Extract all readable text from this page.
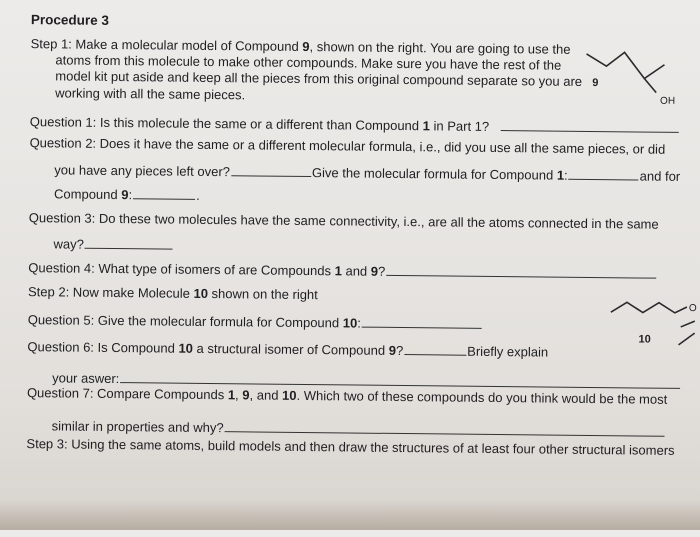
Procedure 3
Step 1: Make a molecular model of Compound 9, shown on the right. You are going to use the
atoms from this molecule to make other compounds. Make sure you have the rest of the
model kit put aside and keep all the pieces from this original compound separate so you are
working with all the same pieces.
9
OH
Question 1: Is this molecule the same or a different than Compound 1 in Part 1?
Question 2: Does it have the same or a different molecular formula, i.e., did you use all the same pieces, or did
you have any pieces left over?	Give the molecular formula for Compound 1:	and for
Compound 9:	.
Question 3: Do these two molecules have the same connectivity, i.e., are all the atoms connected in the same
way?
Question 4: What type of isomers of are Compounds 1 and 9?
Step 2: Now make Molecule 10 shown on the right
O
10
Question 5: Give the molecular formula for Compound 10:
Question 6: Is Compound 10 a structural isomer of Compound 9?	Briefly explain
your aswer:
Question 7: Compare Compounds 1, 9, and 10. Which two of these compounds do you think would be the most
similar in properties and why?
Step 3: Using the same atoms, build models and then draw the structures of at least four other structural isomers
